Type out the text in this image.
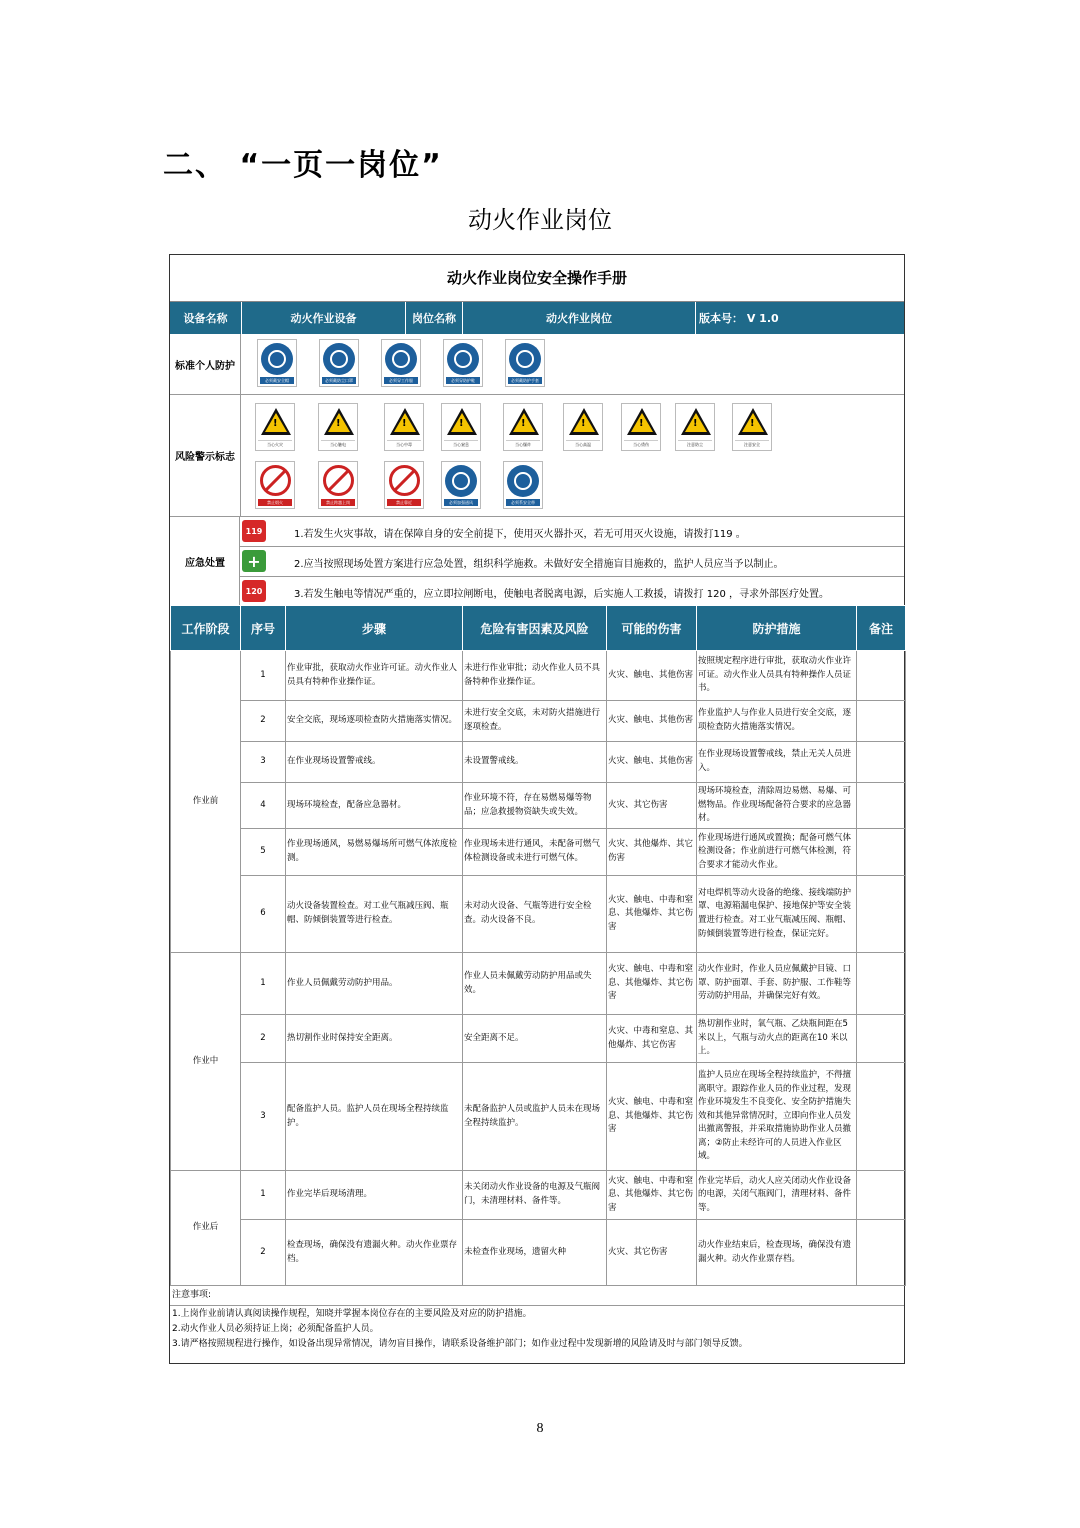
二、 “一页一岗位”
动火作业岗位
动火作业岗位安全操作手册
设备名称	动火作业设备	岗位名称	动火作业岗位	版本号： V 1.0
标准个人防护
必须戴安全帽	必须戴防尘口罩	必须穿工作服	必须穿防护鞋	必须戴防护手套
风险警示标志
!
当心火灾
!
当心触电
!
当心中毒
!
当心窒息
!
当心爆炸
!
当心高温
!
当心烫伤
!
注意防尘
!
注意安全
禁止烟火	禁止跨越上岗	禁止靠近	必须加强通风	必须系安全带
应急处置
119	1.若发生火灾事故，请在保障自身的安全前提下，使用灭火器扑灭，若无可用灭火设施，请拨打119 。
+	2.应当按照现场处置方案进行应急处置，组织科学施救。未做好安全措施盲目施救的，监护人员应当予以制止。
120	3.若发生触电等情况严重的，应立即拉闸断电，使触电者脱离电源，后实施人工救援，请拨打 120 ，寻求外部医疗处置。
工作阶段	序号	步骤	危险有害因素及风险	可能的伤害	防护措施	备注
作业前	1	作业审批，获取动火作业许可证。动火作业人员具有特种作业操作证。	未进行作业审批；动火作业人员不具备特种作业操作证。	火灾、触电、其他伤害	按照规定程序进行审批，获取动火作业许可证。动火作业人员具有特种操作人员证书。	
	2	安全交底，现场逐项检查防火措施落实情况。	未进行安全交底，未对防火措施进行逐项检查。	火灾、触电、其他伤害	作业监护人与作业人员进行安全交底，逐项检查防火措施落实情况。	
	3	在作业现场设置警戒线。	未设置警戒线。	火灾、触电、其他伤害	在作业现场设置警戒线，禁止无关人员进入。	
	4	现场环境检查，配备应急器材。	作业环境不符，存在易燃易爆等物品；应急救援物资缺失或失效。	火灾、其它伤害	现场环境检查，清除周边易燃、易爆、可燃物品。作业现场配备符合要求的应急器材。	
	5	作业现场通风，易燃易爆场所可燃气体浓度检测。	作业现场未进行通风，未配备可燃气体检测设备或未进行可燃气体。	火灾、其他爆炸、其它伤害	作业现场进行通风或置换；配备可燃气体检测设备；作业前进行可燃气体检测，符合要求才能动火作业。	
	6	动火设备装置检查。对工业气瓶减压阀、瓶帽、防倾倒装置等进行检查。	未对动火设备、气瓶等进行安全检查。动火设备不良。	火灾、触电、中毒和窒息、其他爆炸、其它伤害	对电焊机等动火设备的绝缘、接线端防护罩、电源箱漏电保护、接地保护等安全装置进行检查。对工业气瓶减压阀、瓶帽、防倾倒装置等进行检查，保证完好。	
作业中	1	作业人员佩戴劳动防护用品。	作业人员未佩戴劳动防护用品或失效。	火灾、触电、中毒和窒息、其他爆炸、其它伤害	动火作业时，作业人员应佩戴护目镜、口罩、防护面罩、手套、防护服、工作鞋等劳动防护用品，并确保完好有效。	
	2	热切割作业时保持安全距离。	安全距离不足。	火灾、中毒和窒息、其他爆炸、其它伤害	热切割作业时，氧气瓶、乙炔瓶间距在5米以上，气瓶与动火点的距离在10 米以上。	
	3	配备监护人员。监护人员在现场全程持续监护。	未配备监护人员或监护人员未在现场全程持续监护。	火灾、触电、中毒和窒息、其他爆炸、其它伤害	监护人员应在现场全程持续监护，不得擅离职守。跟踪作业人员的作业过程，发现作业环境发生不良变化、安全防护措施失效和其他异常情况时，立即向作业人员发出撤离警报，并采取措施协助作业人员撤离；②防止未经许可的人员进入作业区域。	
作业后	1	作业完毕后现场清理。	未关闭动火作业设备的电源及气瓶阀门，未清理材料、备件等。	火灾、触电、中毒和窒息、其他爆炸、其它伤害	作业完毕后，动火人应关闭动火作业设备的电源，关闭气瓶阀门，清理材料、备件等。	
	2	检查现场，确保没有遗漏火种。动火作业票存档。	未检查作业现场，遗留火种	火灾、其它伤害	动火作业结束后，检查现场，确保没有遗漏火种。动火作业票存档。	
注意事项:
1.上岗作业前请认真阅读操作规程，知晓并掌握本岗位存在的主要风险及对应的防护措施。
2.动火作业人员必须持证上岗；必须配备监护人员。
3.请严格按照规程进行操作，如设备出现异常情况，请勿盲目操作，请联系设备维护部门；如作业过程中发现新增的风险请及时与部门领导反馈。
8
